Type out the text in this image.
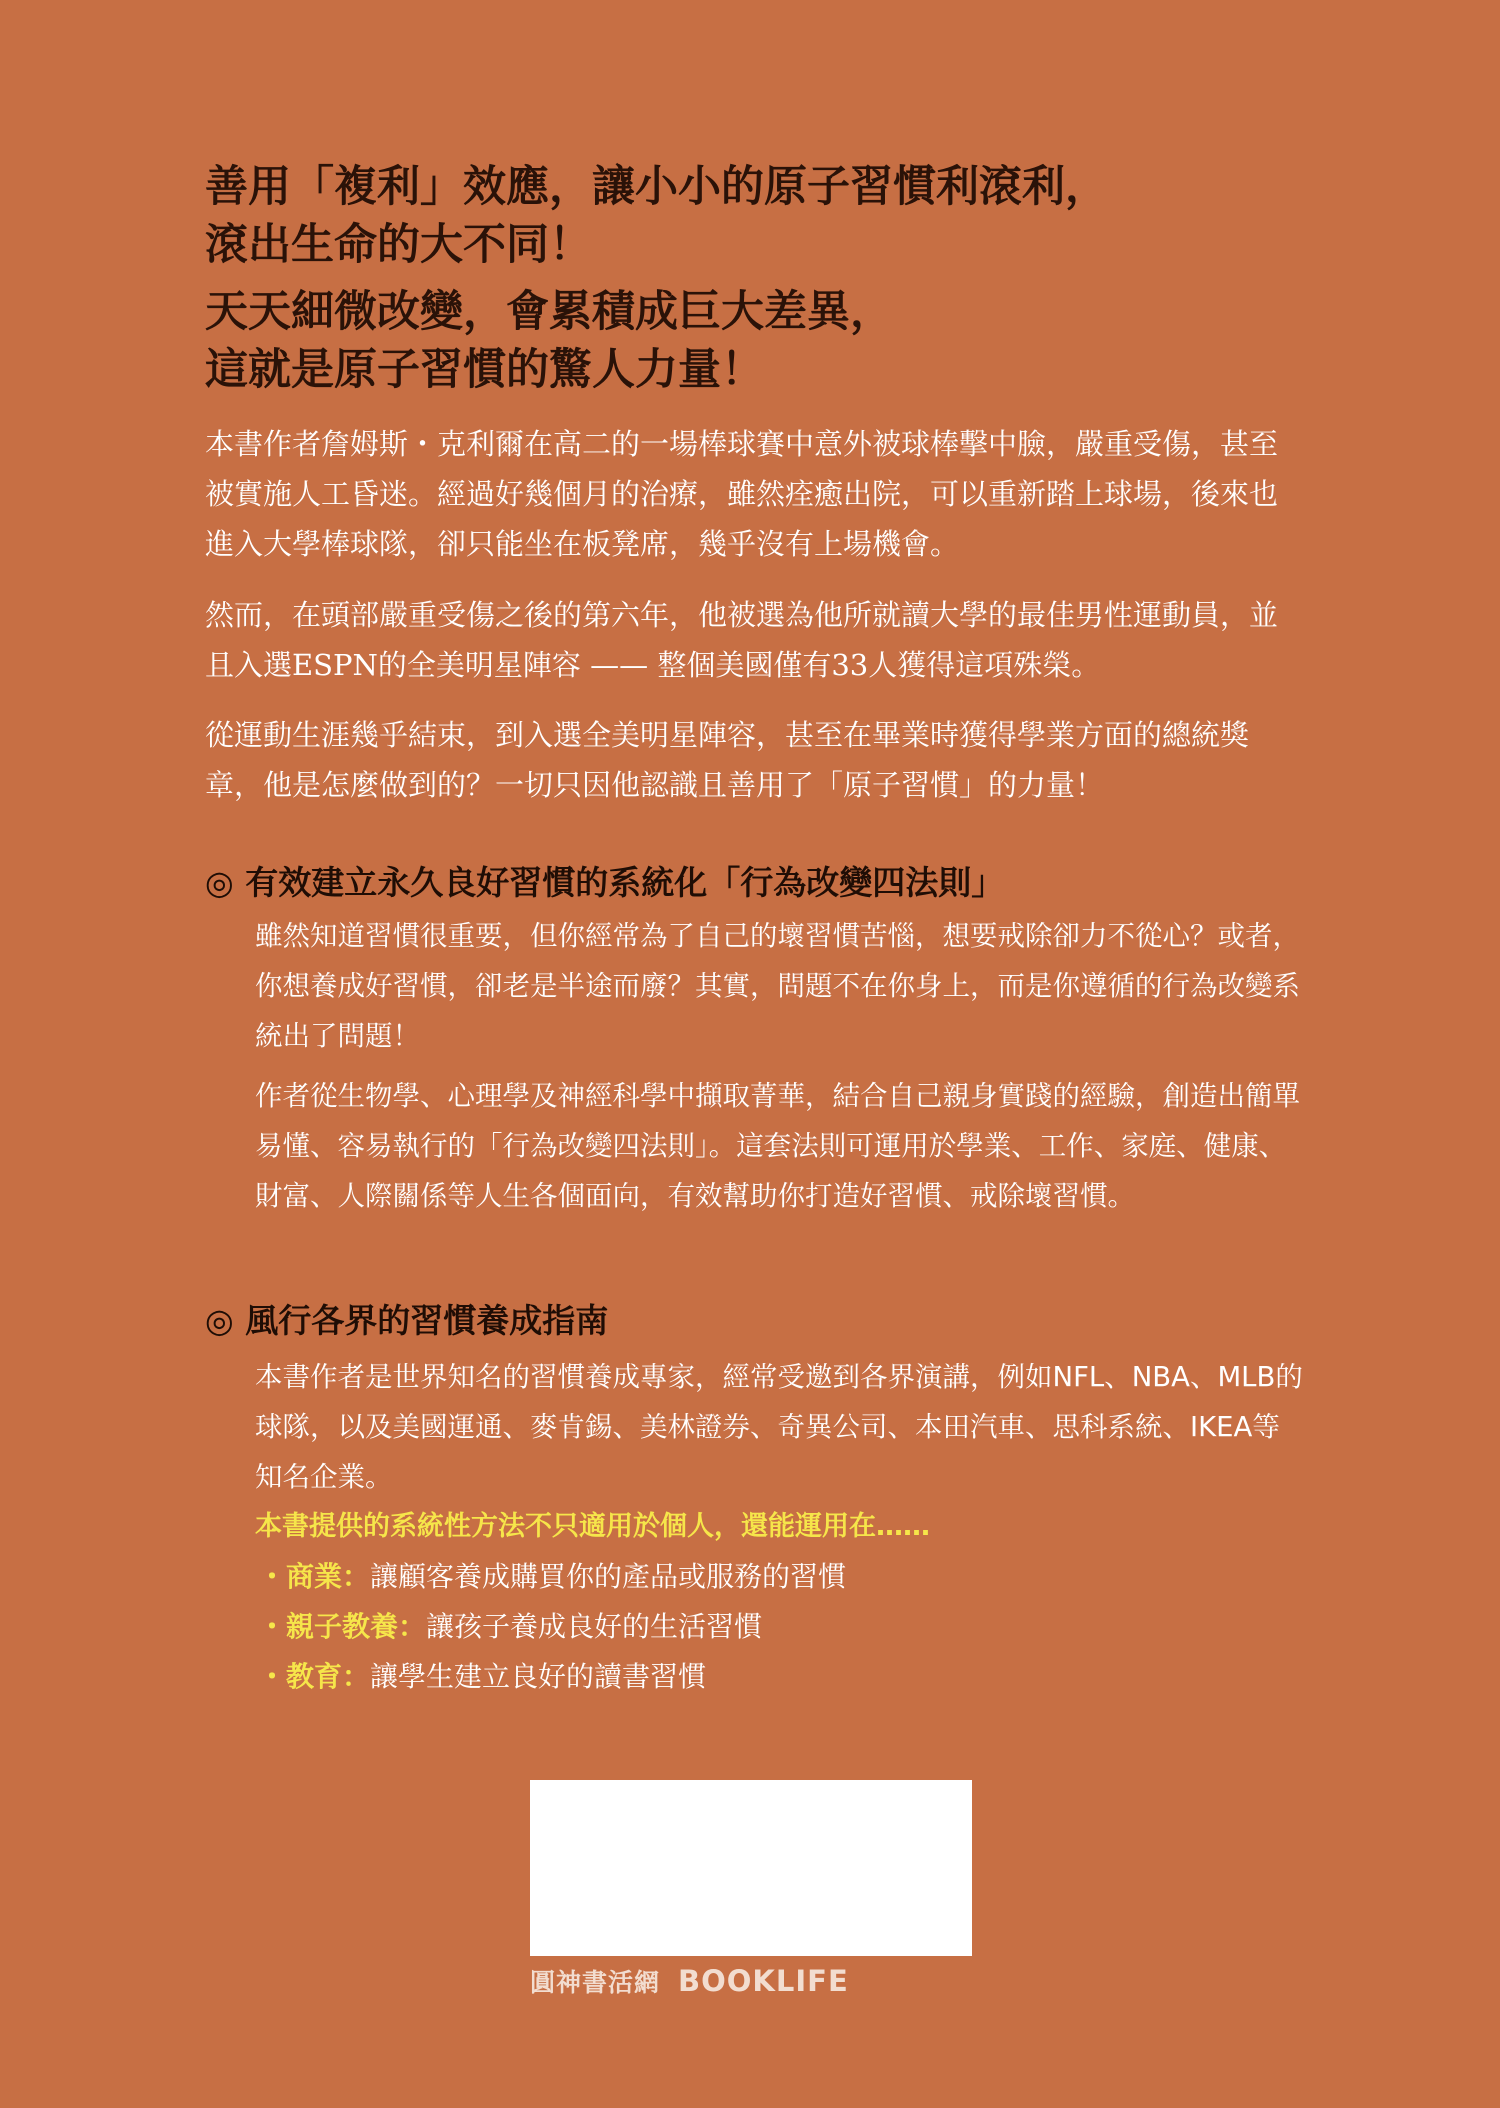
善用「複利」效應，讓小小的原子習慣利滾利，
滾出生命的大不同！
天天細微改變，會累積成巨大差異，
這就是原子習慣的驚人力量！

本書作者詹姆斯・克利爾在高二的一場棒球賽中意外被球棒擊中臉，嚴重受傷，甚至被實施人工昏迷。經過好幾個月的治療，雖然痊癒出院，可以重新踏上球場，後來也進入大學棒球隊，卻只能坐在板凳席，幾乎沒有上場機會。

然而，在頭部嚴重受傷之後的第六年，他被選為他所就讀大學的最佳男性運動員，並且入選ESPN的全美明星陣容 —— 整個美國僅有33人獲得這項殊榮。

從運動生涯幾乎結束，到入選全美明星陣容，甚至在畢業時獲得學業方面的總統獎章，他是怎麼做到的？一切只因他認識且善用了「原子習慣」的力量！

◎ 有效建立永久良好習慣的系統化「行為改變四法則」

雖然知道習慣很重要，但你經常為了自己的壞習慣苦惱，想要戒除卻力不從心？或者，你想養成好習慣，卻老是半途而廢？其實，問題不在你身上，而是你遵循的行為改變系統出了問題！

作者從生物學、心理學及神經科學中擷取菁華，結合自己親身實踐的經驗，創造出簡單易懂、容易執行的「行為改變四法則」。這套法則可運用於學業、工作、家庭、健康、財富、人際關係等人生各個面向，有效幫助你打造好習慣、戒除壞習慣。

◎ 風行各界的習慣養成指南

本書作者是世界知名的習慣養成專家，經常受邀到各界演講，例如NFL、NBA、MLB的球隊，以及美國運通、麥肯錫、美林證券、奇異公司、本田汽車、思科系統、IKEA等知名企業。

本書提供的系統性方法不只適用於個人，還能運用在……

・商業：讓顧客養成購買你的產品或服務的習慣

・親子教養：讓孩子養成良好的生活習慣

・教育：讓學生建立良好的讀書習慣

圓神書活網 BOOKLIFE
